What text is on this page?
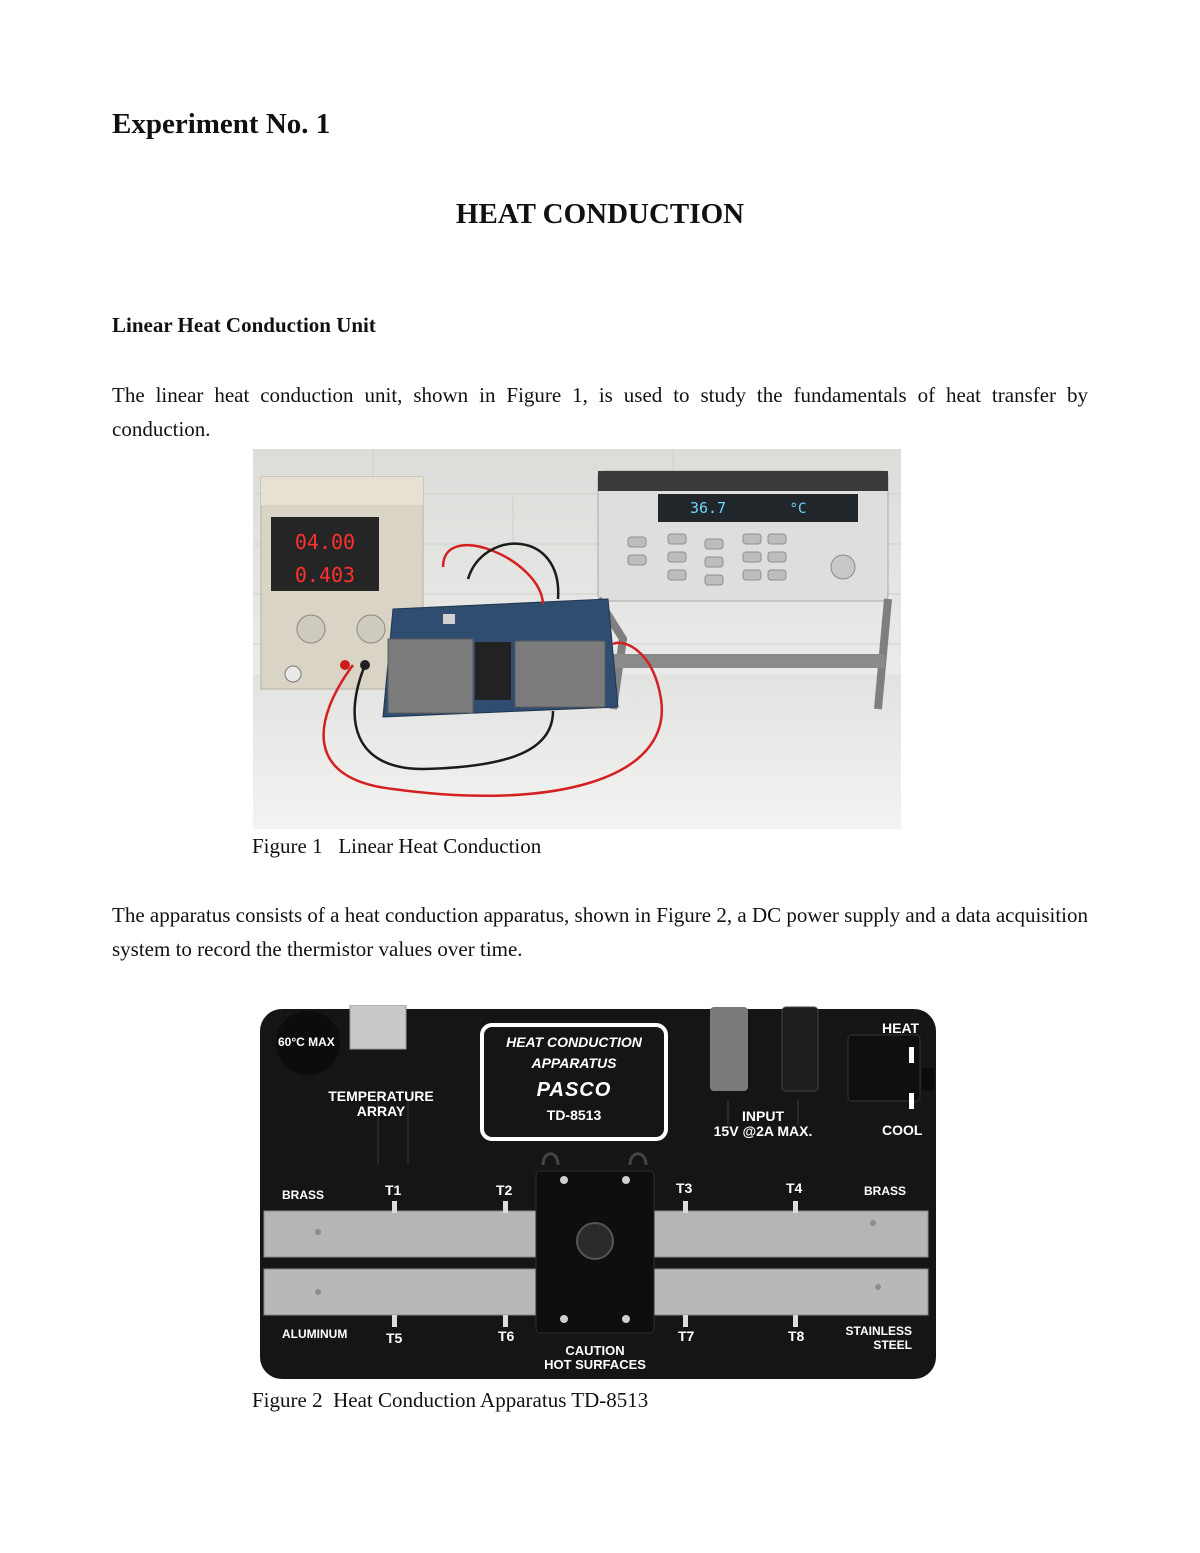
Experiment No. 1
HEAT CONDUCTION
Linear Heat Conduction Unit
The linear heat conduction unit, shown in Figure 1, is used to study the fundamentals of heat transfer by conduction.
04.00
0.403
36.7	°C
Figure 1   Linear Heat Conduction
The apparatus consists of a heat conduction apparatus, shown in Figure 2, a DC power supply and a data acquisition system to record the thermistor values over time.
60°C MAX
TEMPERATURE
ARRAY
HEAT CONDUCTION
APPARATUS
PASCO
TD-8513	INPUT
15V @2A MAX.
HEAT
COOL
BRASS	BRASS
ALUMINUM	STAINLESS
STEEL
T1	T2	T3	T4
T5	T6	T7	T8
CAUTION
HOT SURFACES
Figure 2  Heat Conduction Apparatus TD-8513
